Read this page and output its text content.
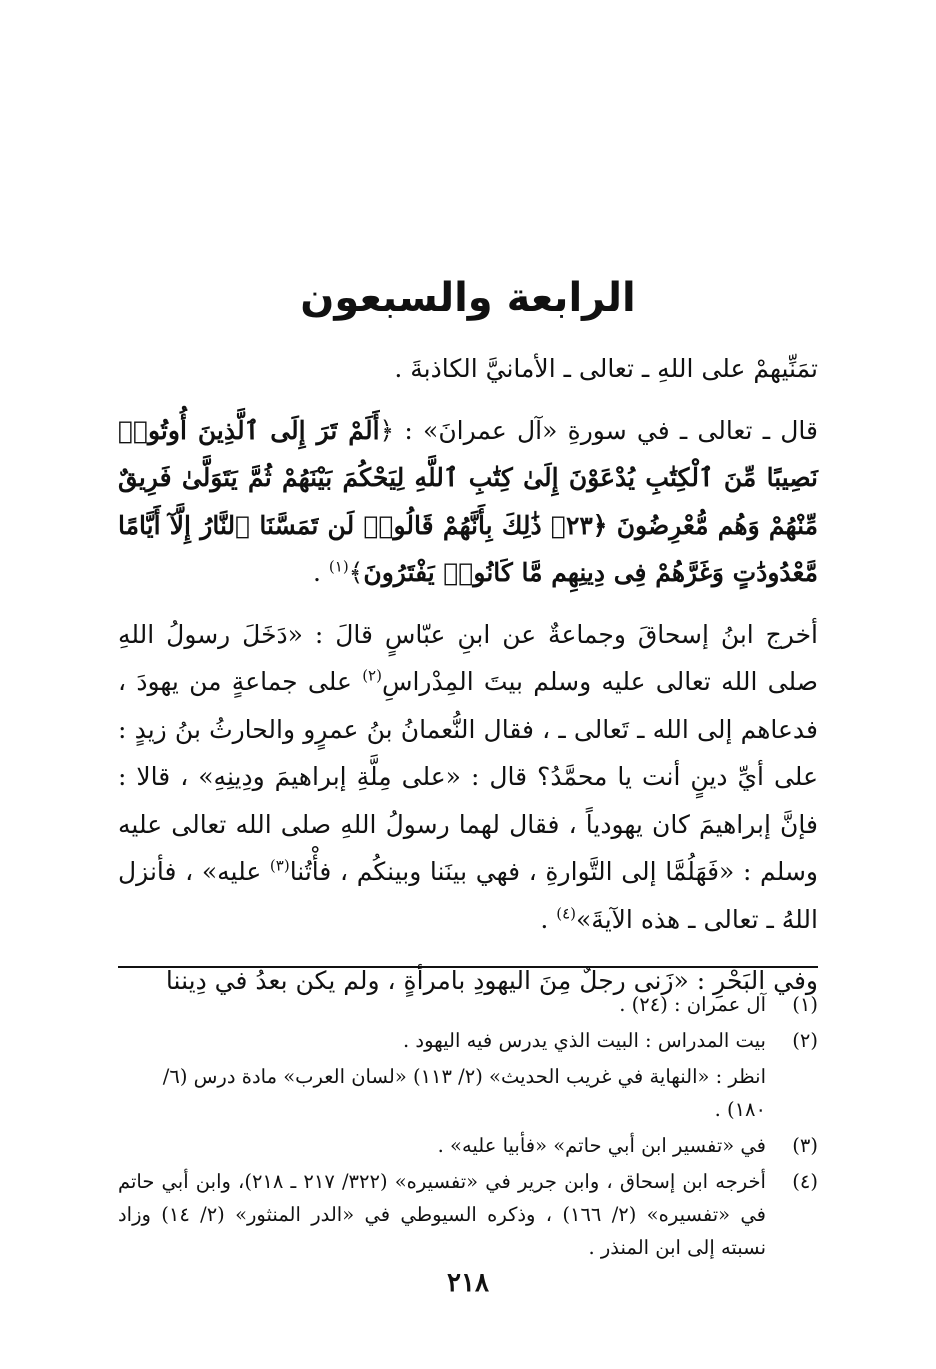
الرابعة والسبعون

تمَنِّيهمْ على اللهِ ـ تعالى ـ الأمانيَّ الكاذبةَ .

قال ـ تعالى ـ في سورةِ «آل عمرانَ» : ﴿أَلَمْ تَرَ إِلَى ٱلَّذِينَ أُوتُوا۟ نَصِيبًا مِّنَ ٱلْكِتَٰبِ يُدْعَوْنَ إِلَىٰ كِتَٰبِ ٱللَّهِ لِيَحْكُمَ بَيْنَهُمْ ثُمَّ يَتَوَلَّىٰ فَرِيقٌ مِّنْهُمْ وَهُم مُّعْرِضُونَ ﴿٢٣﴾ ذَٰلِكَ بِأَنَّهُمْ قَالُوا۟ لَن تَمَسَّنَا ٱلنَّارُ إِلَّآ أَيَّامًا مَّعْدُودَٰتٍ وَغَرَّهُمْ فِى دِينِهِم مَّا كَانُوا۟ يَفْتَرُونَ﴾$^{(١)}$ .

أخرج ابنُ إسحاقَ وجماعةٌ عن ابنِ عبّاسٍ قالَ : «دَخَلَ رسولُ اللهِ صلى الله تعالى عليه وسلم بيتَ المِدْراسِ$^{(٢)}$ على جماعةٍ من يهودَ ، فدعاهم إلى الله ـ تَعالى ـ ، فقال النُّعمانُ بنُ عمرٍو والحارثُ بنُ زيدٍ : على أيِّ دينٍ أنت يا محمَّدُ؟ قال : «على مِلَّةِ إبراهيمَ ودِينِهِ» ، قالا : فإنَّ إبراهيمَ كان يهودياً ، فقال لهما رسولُ اللهِ صلى الله تعالى عليه وسلم : «فَهَلُمَّا إلى التَّوارةِ ، فهي بينَنا وبينكُم ، فأْتُنا$^{(٣)}$ عليه» ، فأنزل اللهُ ـ تعالى ـ هذه الآيةَ»$^{(٤)}$ .

وفي البَحْرِ : «زَنى رجلٌ مِنَ اليهودِ بامرأةٍ ، ولم يكن بعدُ في دِيننا

(١)
آل عمران : (٢٤) .
(٢)
بيت المدراس : البيت الذي يدرس فيه اليهود .
انظر : «النهاية في غريب الحديث» (٢/ ١١٣) «لسان العرب» مادة درس (٦/ ١٨٠) .
(٣)
في «تفسير ابن أبي حاتم» «فأبيا عليه» .
(٤)
أخرجه ابن إسحاق ، وابن جرير في «تفسيره» (٣٢٢/ ٢١٧ ـ ٢١٨)، وابن أبي حاتم في «تفسيره» (٢/ ١٦٦) ، وذكره السيوطي في «الدر المنثور» (٢/ ١٤) وزاد نسبته إلى ابن المنذر .
٢١٨
